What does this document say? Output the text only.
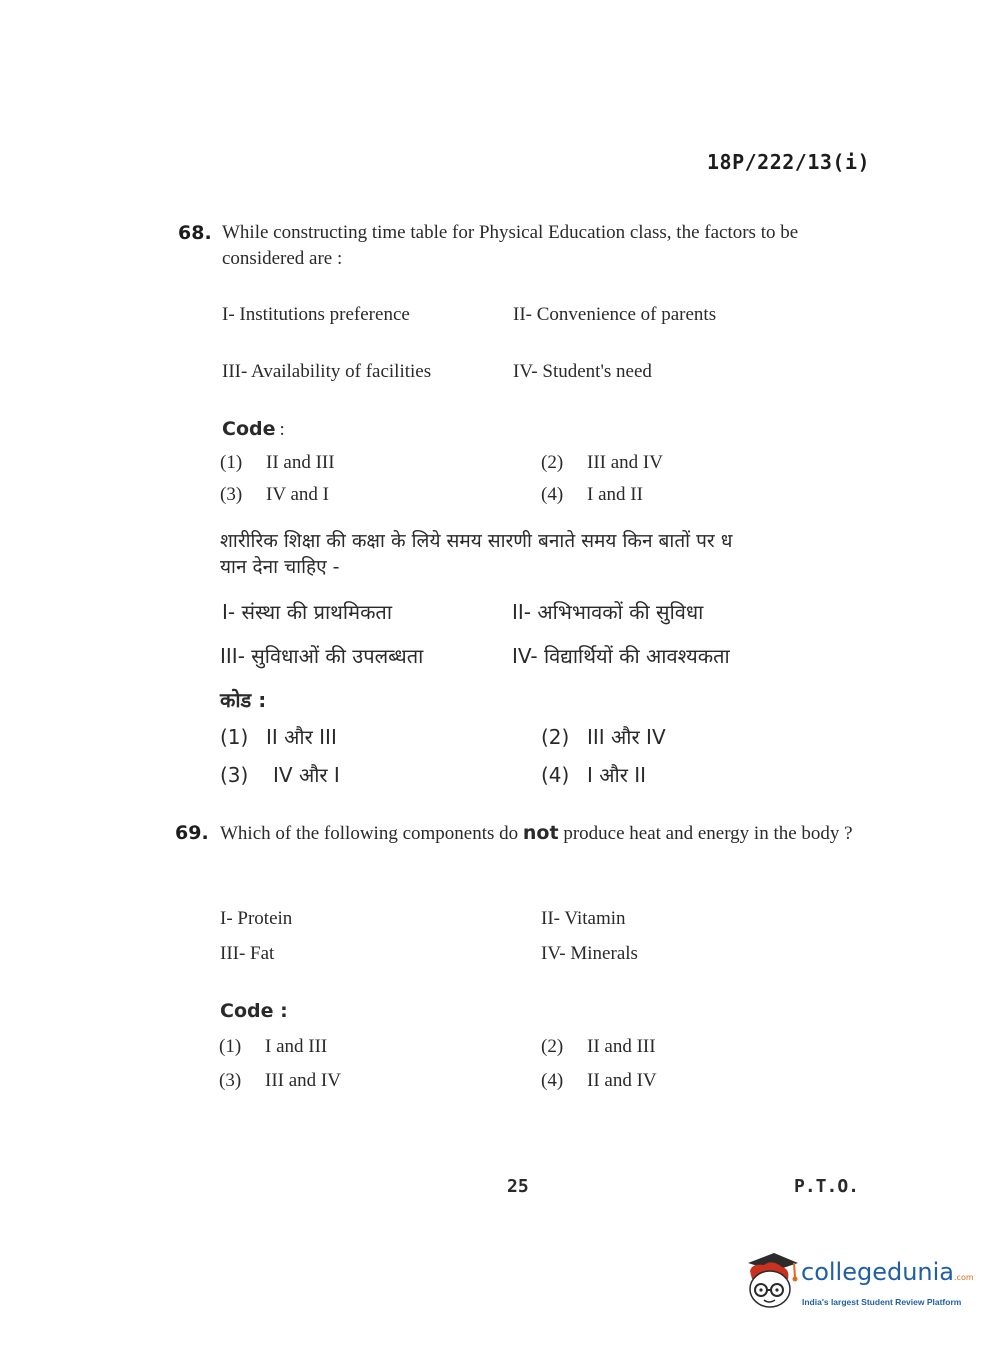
18P/222/13(i)
68. While constructing time table for Physical Education class, the factors to be considered are :
I- Institutions preference	II- Convenience of parents
III- Availability of facilities	IV- Student's need
Code :
(1) II and III	(2) III and IV
(3) IV and I	(4) I and II
शारीरिक शिक्षा की कक्षा के लिये समय सारणी बनाते समय किन बातों पर ध
यान देना चाहिए -
I- संस्था की प्राथमिकता	II- अभिभावकों की सुविधा
III- सुविधाओं की उपलब्धता	IV- विद्यार्थियों की आवश्यकता
कोड :
(1) II और III	(2) III और IV
(3) IV और I	(4) I और II
69. Which of the following components do not produce heat and energy in the body ?
I- Protein	II- Vitamin
III- Fat	IV- Minerals
Code :
(1) I and III	(2) II and III
(3) III and IV	(4) II and IV
25	P.T.O.
collegedunia.com
India's largest Student Review Platform
